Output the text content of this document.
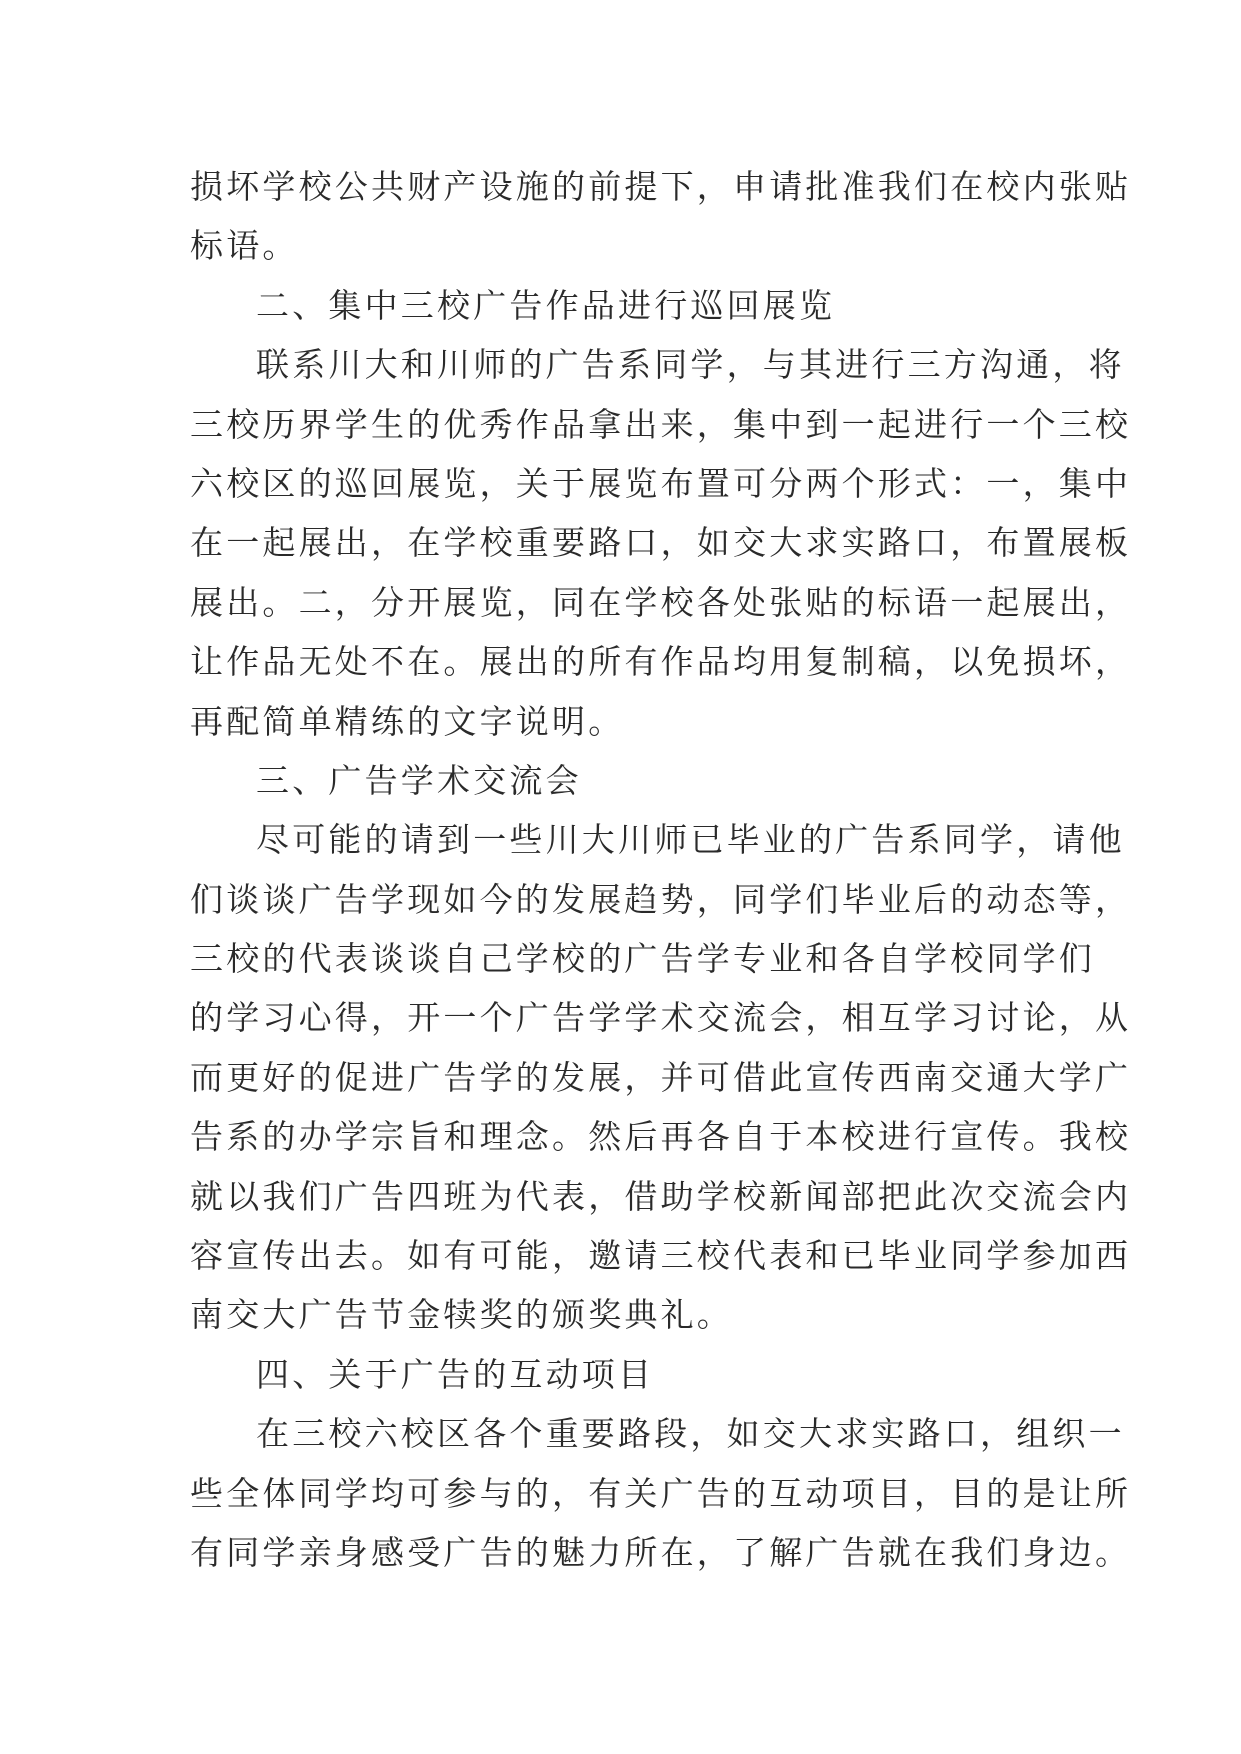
损坏学校公共财产设施的前提下，申请批准我们在校内张贴
标语。
二、集中三校广告作品进行巡回展览
联系川大和川师的广告系同学，与其进行三方沟通，将
三校历界学生的优秀作品拿出来，集中到一起进行一个三校
六校区的巡回展览，关于展览布置可分两个形式：一，集中
在一起展出，在学校重要路口，如交大求实路口，布置展板
展出。二，分开展览，同在学校各处张贴的标语一起展出，
让作品无处不在。展出的所有作品均用复制稿，以免损坏，
再配简单精练的文字说明。
三、广告学术交流会
尽可能的请到一些川大川师已毕业的广告系同学，请他
们谈谈广告学现如今的发展趋势，同学们毕业后的动态等，
三校的代表谈谈自己学校的广告学专业和各自学校同学们
的学习心得，开一个广告学学术交流会，相互学习讨论，从
而更好的促进广告学的发展，并可借此宣传西南交通大学广
告系的办学宗旨和理念。然后再各自于本校进行宣传。我校
就以我们广告四班为代表，借助学校新闻部把此次交流会内
容宣传出去。如有可能，邀请三校代表和已毕业同学参加西
南交大广告节金犊奖的颁奖典礼。
四、关于广告的互动项目
在三校六校区各个重要路段，如交大求实路口，组织一
些全体同学均可参与的，有关广告的互动项目，目的是让所
有同学亲身感受广告的魅力所在，了解广告就在我们身边。
